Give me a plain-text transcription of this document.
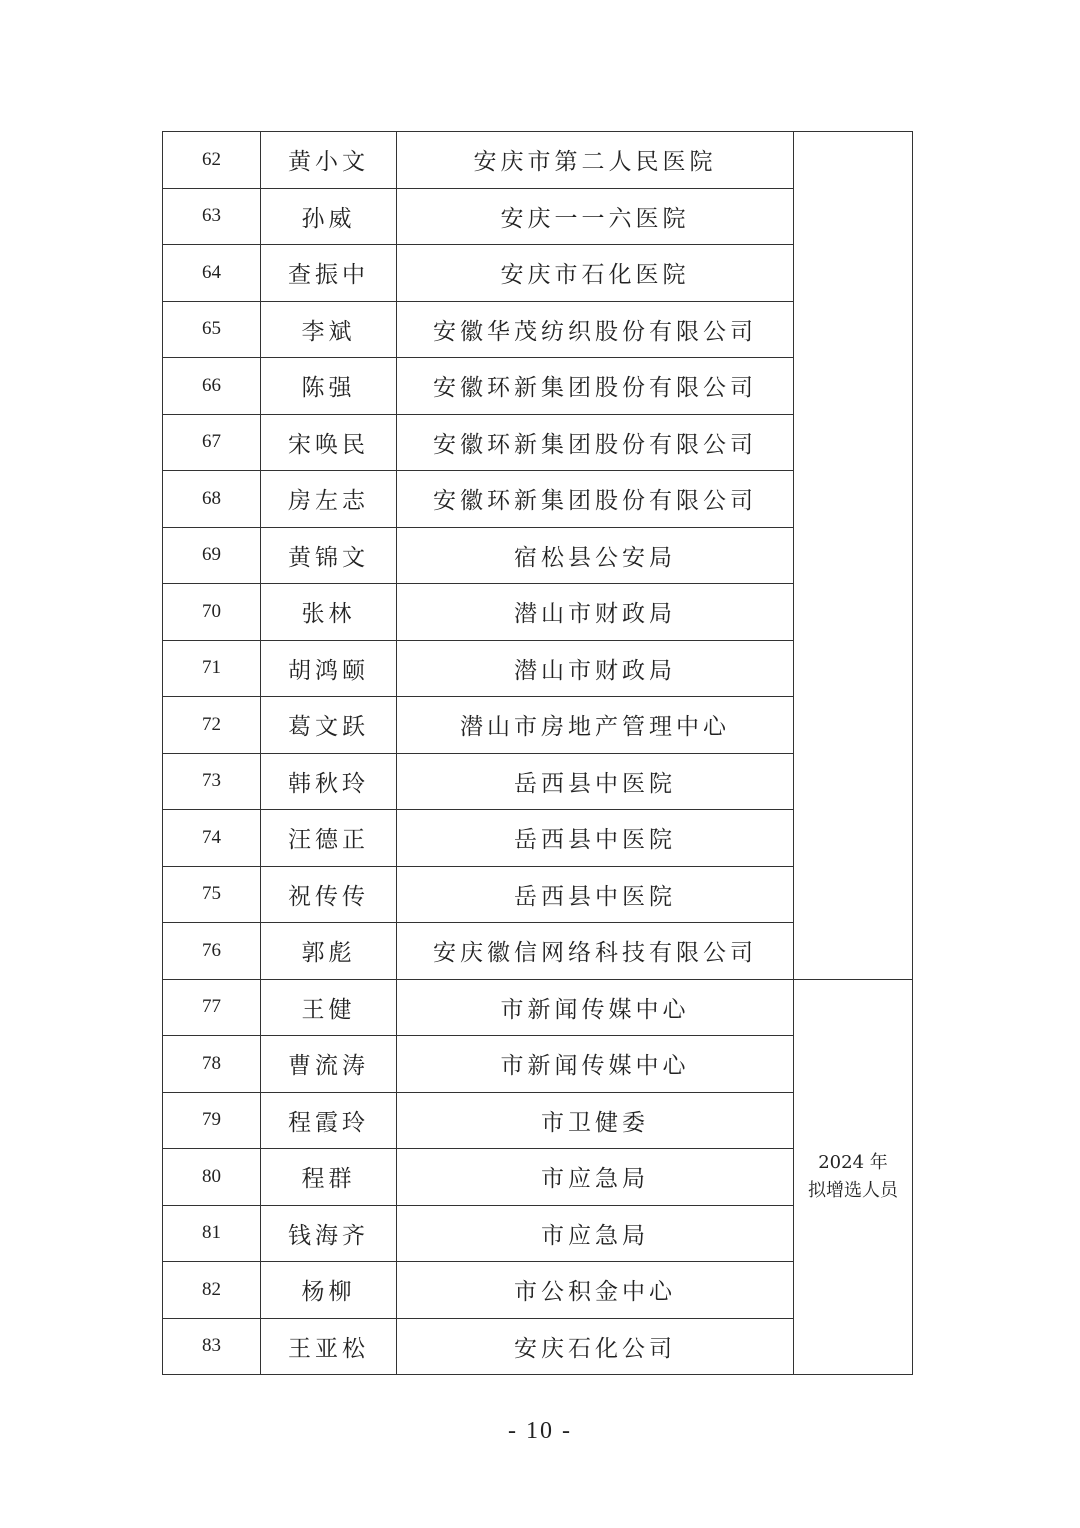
62	黄小文	安庆市第二人民医院	
63	孙威	安庆一一六医院	
64	查振中	安庆市石化医院	
65	李斌	安徽华茂纺织股份有限公司	
66	陈强	安徽环新集团股份有限公司	
67	宋唤民	安徽环新集团股份有限公司	
68	房左志	安徽环新集团股份有限公司	
69	黄锦文	宿松县公安局	
70	张林	潜山市财政局	
71	胡鸿颐	潜山市财政局	
72	葛文跃	潜山市房地产管理中心	
73	韩秋玲	岳西县中医院	
74	汪德正	岳西县中医院	
75	祝传传	岳西县中医院	
76	郭彪	安庆徽信网络科技有限公司	
77	王健	市新闻传媒中心	2024 年
拟增选人员

78	曹流涛	市新闻传媒中心	
79	程霞玲	市卫健委	
80	程群	市应急局	
81	钱海齐	市应急局	
82	杨柳	市公积金中心	
83	王亚松	安庆石化公司	
- 10 -
